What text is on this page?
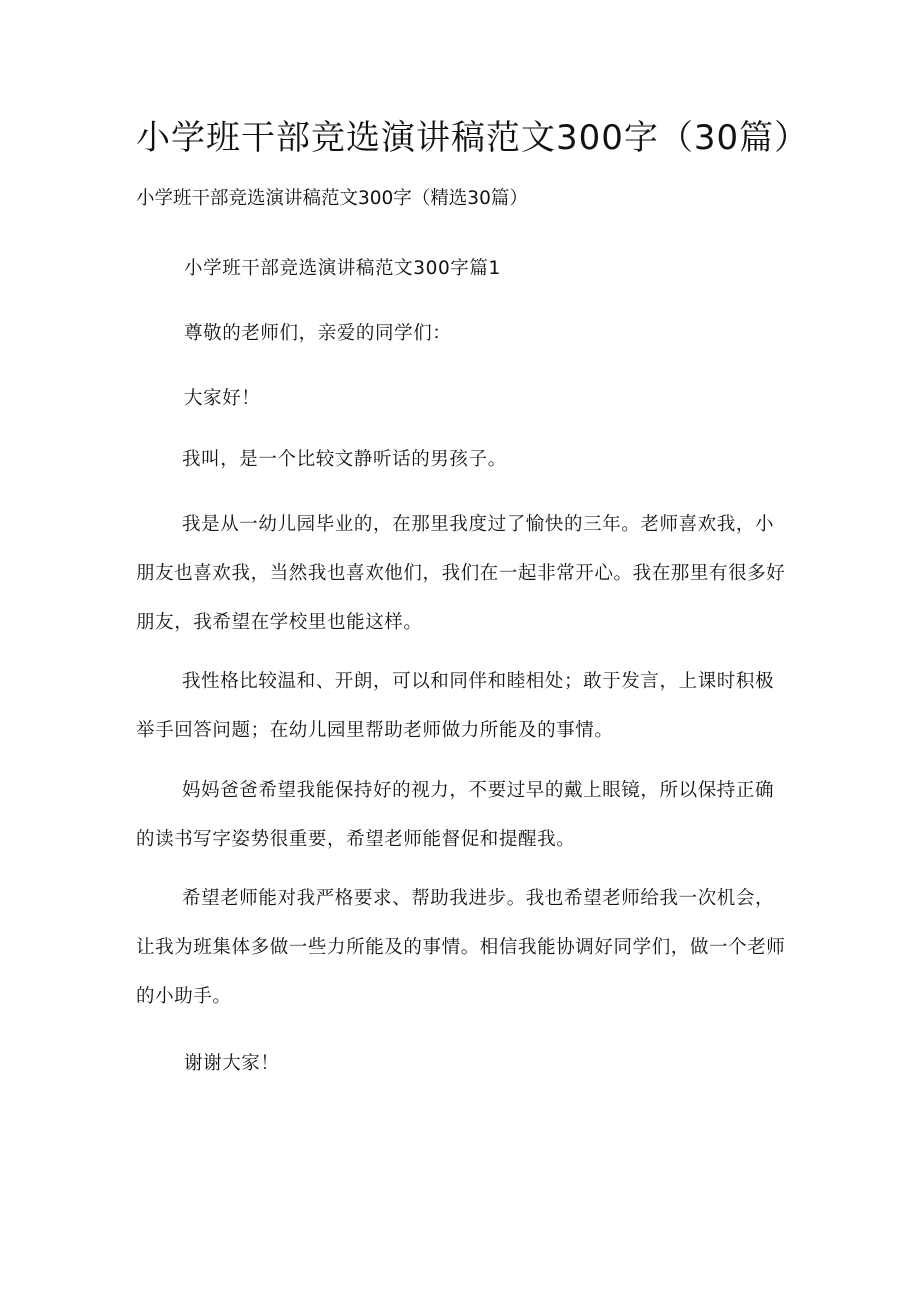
小学班干部竞选演讲稿范文300字（30篇）
小学班干部竞选演讲稿范文300字（精选30篇）
小学班干部竞选演讲稿范文300字篇1
尊敬的老师们，亲爱的同学们：
大家好！
我叫，是一个比较文静听话的男孩子。
我是从一幼儿园毕业的，在那里我度过了愉快的三年。老师喜欢我，小朋友也喜欢我，当然我也喜欢他们，我们在一起非常开心。我在那里有很多好朋友，我希望在学校里也能这样。
我性格比较温和、开朗，可以和同伴和睦相处；敢于发言，上课时积极举手回答问题；在幼儿园里帮助老师做力所能及的事情。
妈妈爸爸希望我能保持好的视力，不要过早的戴上眼镜，所以保持正确的读书写字姿势很重要，希望老师能督促和提醒我。
希望老师能对我严格要求、帮助我进步。我也希望老师给我一次机会，让我为班集体多做一些力所能及的事情。相信我能协调好同学们，做一个老师的小助手。
谢谢大家！
